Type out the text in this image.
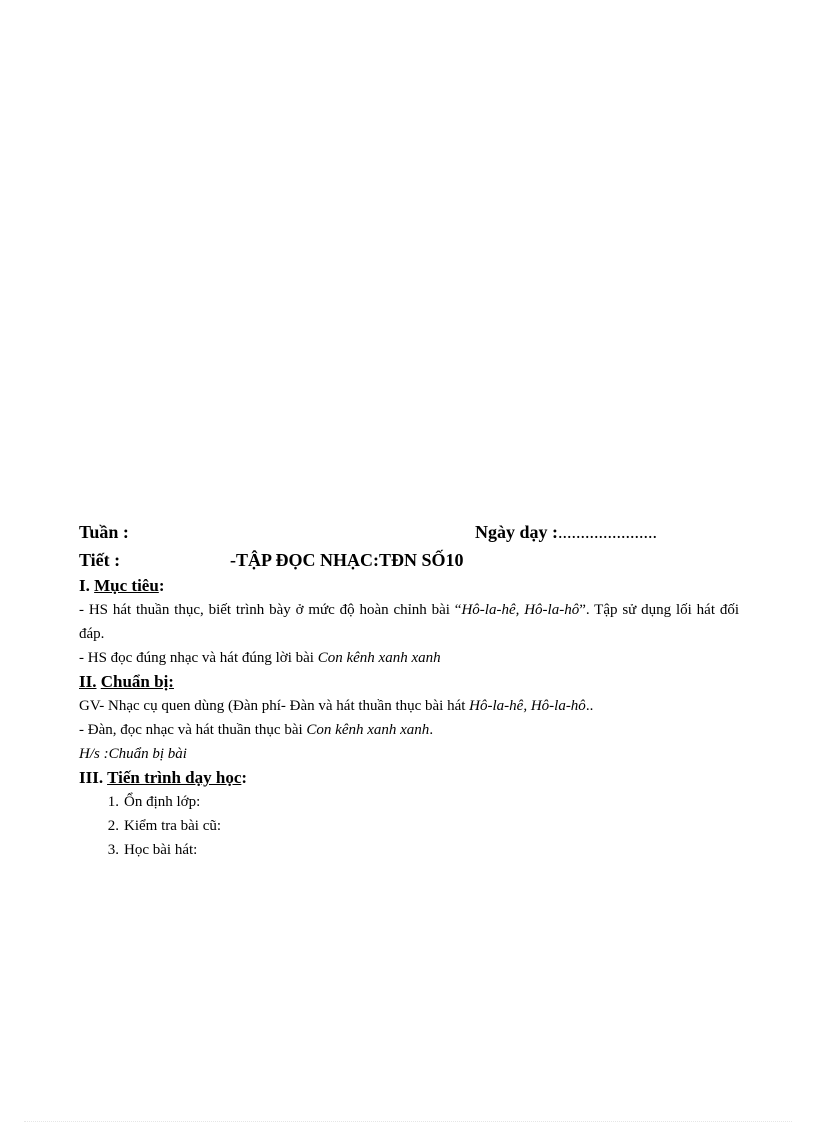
Tuần :	Ngày dạy :......................
Tiết :	-TẬP ĐỌC NHẠC:TĐN SỐ10
I. Mục tiêu:
- HS hát thuần thục, biết trình bày ở mức độ hoàn chỉnh bài “Hô-la-hê, Hô-la-hô”. Tập sử dụng lối hát đối đáp.
- HS đọc đúng nhạc và hát đúng lời bài Con kênh xanh xanh
II. Chuẩn bị:
GV- Nhạc cụ quen dùng (Đàn phí- Đàn và hát thuần thục bài hát Hô-la-hê, Hô-la-hô..
- Đàn, đọc nhạc và hát thuần thục bài Con kênh xanh xanh.
H/s :Chuẩn bị bài
III. Tiến trình dạy học:
1. Ổn định lớp:
2. Kiểm tra bài cũ:
3. Học bài hát:
